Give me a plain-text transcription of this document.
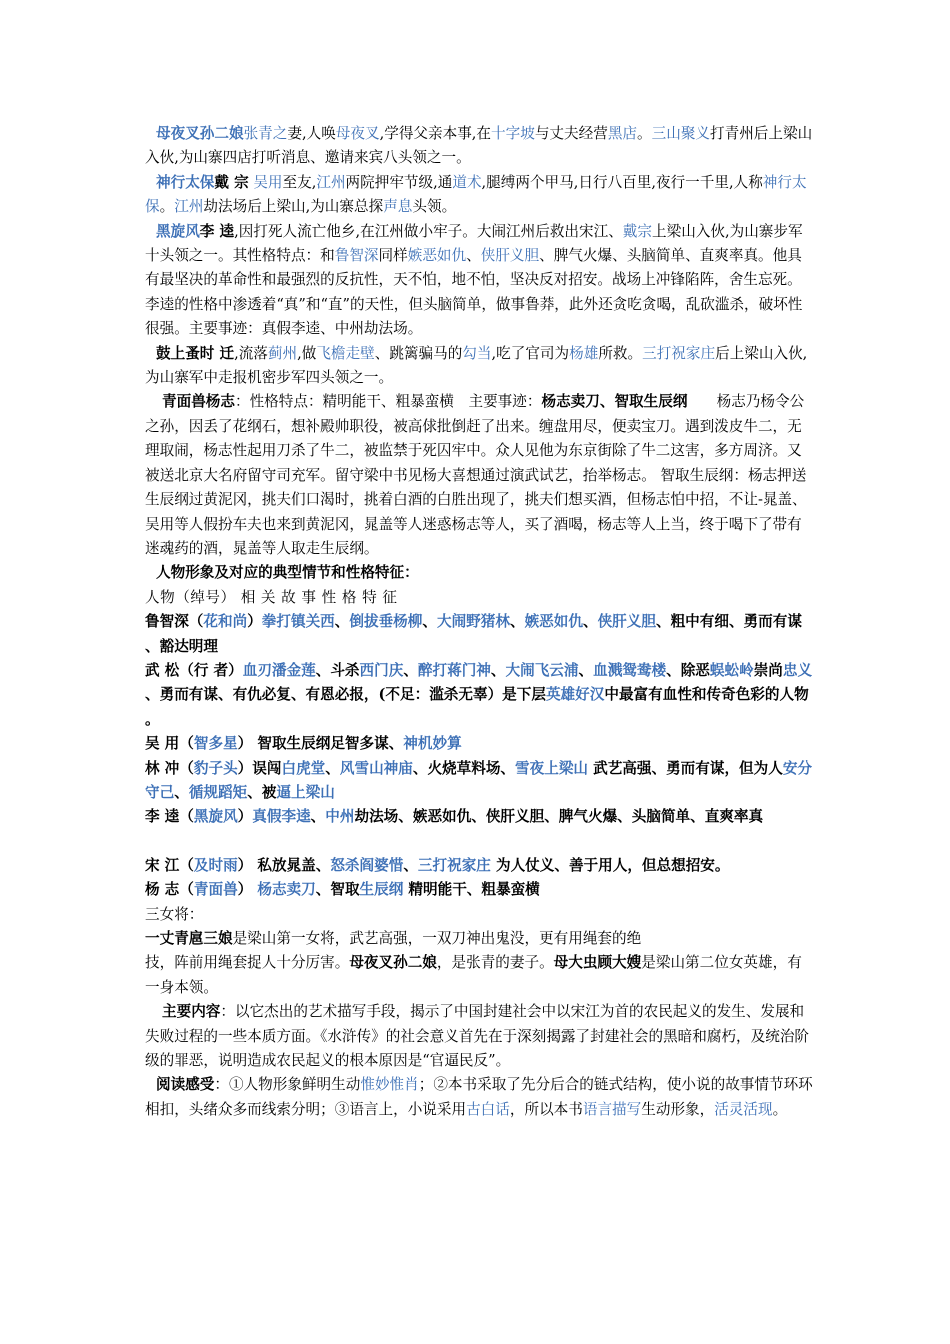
母夜叉孙二娘张青之妻,人唤母夜叉,学得父亲本事,在十字坡与丈夫经营黑店。三山聚义打青州后上梁山入伙,为山寨四店打听消息、邀请来宾八头领之一。

神行太保戴 宗 吴用至友,江州两院押牢节级,通道术,腿缚两个甲马,日行八百里,夜行一千里,人称神行太保。江州劫法场后上梁山,为山寨总探声息头领。

黑旋风李 逵,因打死人流亡他乡,在江州做小牢子。大闹江州后救出宋江、戴宗上梁山入伙,为山寨步军十头领之一。其性格特点：和鲁智深同样嫉恶如仇、侠肝义胆、脾气火爆、头脑简单、直爽率真。他具有最坚决的革命性和最强烈的反抗性，天不怕，地不怕，坚决反对招安。战场上冲锋陷阵，舍生忘死。李逵的性格中渗透着“真”和“直”的天性，但头脑简单，做事鲁莽，此外还贪吃贪喝，乱砍滥杀，破坏性很强。主要事迹：真假李逵、中州劫法场。

鼓上蚤时 迁,流落蓟州,做飞檐走壁、跳篱骗马的勾当,吃了官司为杨雄所救。三打祝家庄后上梁山入伙,为山寨军中走报机密步军四头领之一。

青面兽杨志：性格特点：精明能干、粗暴蛮横　主要事迹：杨志卖刀、智取生辰纲　　杨志乃杨令公之孙，因丢了花纲石，想补殿帅职役，被高俅批倒赶了出来。缠盘用尽，便卖宝刀。遇到泼皮牛二，无理取闹，杨志性起用刀杀了牛二，被监禁于死囚牢中。众人见他为东京街除了牛二这害，多方周济。又被送北京大名府留守司充军。留守梁中书见杨大喜想通过演武试艺，抬举杨志。 智取生辰纲：杨志押送生辰纲过黄泥冈，挑夫们口渴时，挑着白酒的白胜出现了，挑夫们想买酒，但杨志怕中招，不让-晁盖、吴用等人假扮车夫也来到黄泥冈，晁盖等人迷惑杨志等人，买了酒喝，杨志等人上当，终于喝下了带有迷魂药的酒，晁盖等人取走生辰纲。

人物形象及对应的典型情节和性格特征：

人物（绰号） 相 关 故 事 性 格 特 征

鲁智深（花和尚）拳打镇关西、倒拔垂杨柳、大闹野猪林、嫉恶如仇、侠肝义胆、粗中有细、勇而有谋、豁达明理

武 松（行 者）血刃潘金莲、斗杀西门庆、醉打蒋门神、大闹飞云浦、血溅鸳鸯楼、除恶蜈蚣岭崇尚忠义、勇而有谋、有仇必复、有恩必报，(不足：滥杀无辜）是下层英雄好汉中最富有血性和传奇色彩的人物。

吴 用（智多星） 智取生辰纲足智多谋、神机妙算

林 冲（豹子头）误闯白虎堂、风雪山神庙、火烧草料场、雪夜上梁山 武艺高强、勇而有谋，但为人安分守己、循规蹈矩、被逼上梁山

李 逵（黑旋风）真假李逵、中州劫法场、嫉恶如仇、侠肝义胆、脾气火爆、头脑简单、直爽率真

宋 江（及时雨） 私放晁盖、怒杀阎婆惜、三打祝家庄 为人仗义、善于用人，但总想招安。

杨 志（青面兽） 杨志卖刀、智取生辰纲 精明能干、粗暴蛮横

三女将：

一丈青扈三娘是梁山第一女将，武艺高强，一双刀神出鬼没，更有用绳套的绝

技，阵前用绳套捉人十分厉害。母夜叉孙二娘，是张青的妻子。母大虫顾大嫂是梁山第二位女英雄，有一身本领。

主要内容：以它杰出的艺术描写手段，揭示了中国封建社会中以宋江为首的农民起义的发生、发展和失败过程的一些本质方面。《水浒传》的社会意义首先在于深刻揭露了封建社会的黑暗和腐朽，及统治阶级的罪恶，说明造成农民起义的根本原因是“官逼民反”。

阅读感受：①人物形象鲜明生动惟妙惟肖；②本书采取了先分后合的链式结构，使小说的故事情节环环相扣，头绪众多而线索分明；③语言上，小说采用古白话，所以本书语言描写生动形象，活灵活现。
